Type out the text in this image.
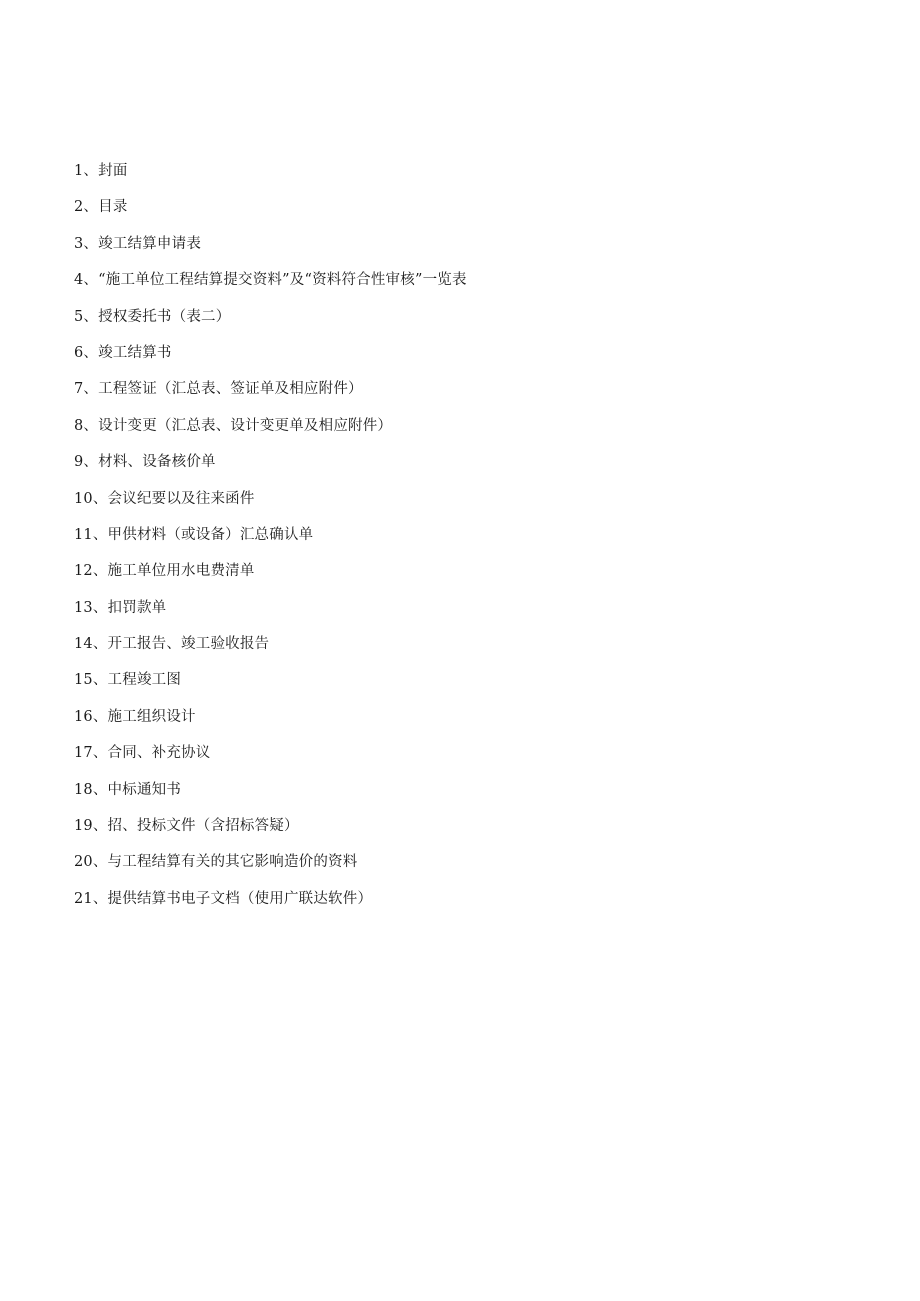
1、封面
2、目录
3、竣工结算申请表
4、“施工单位工程结算提交资料”及“资料符合性审核”一览表
5、授权委托书（表二）
6、竣工结算书
7、工程签证（汇总表、签证单及相应附件）
8、设计变更（汇总表、设计变更单及相应附件）
9、材料、设备核价单
10、会议纪要以及往来函件
11、甲供材料（或设备）汇总确认单
12、施工单位用水电费清单
13、扣罚款单
14、开工报告、竣工验收报告
15、工程竣工图
16、施工组织设计
17、合同、补充协议
18、中标通知书
19、招、投标文件（含招标答疑）
20、与工程结算有关的其它影响造价的资料
21、提供结算书电子文档（使用广联达软件）
